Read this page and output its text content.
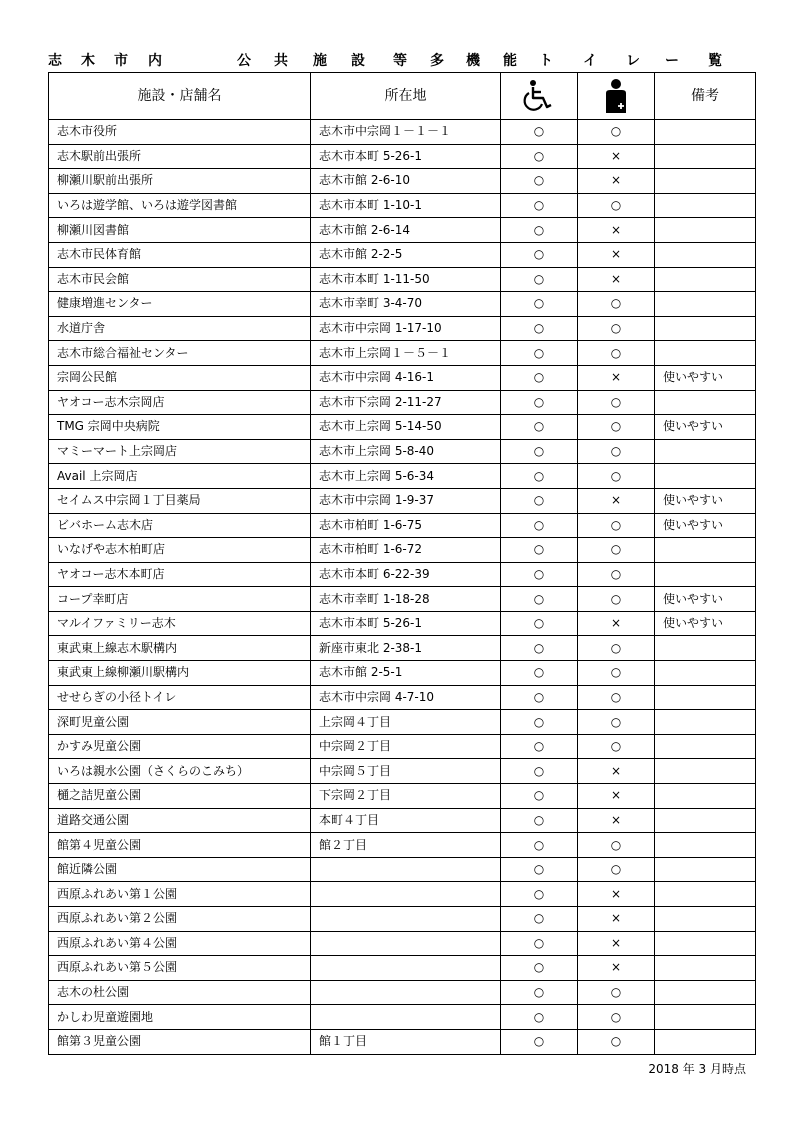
志 木 市 内	公 共 施 設 等 多 機 能 ト イ レ ー 覧
施設・店舗名	所在地			備考
志木市役所	志木市中宗岡１－１－１	○	○	
志木駅前出張所	志木市本町 5-26-1	○	×	
柳瀬川駅前出張所	志木市館 2-6-10	○	×	
いろは遊学館、いろは遊学図書館	志木市本町 1-10-1	○	○	
柳瀬川図書館	志木市館 2-6-14	○	×	
志木市民体育館	志木市館 2-2-5	○	×	
志木市民会館	志木市本町 1-11-50	○	×	
健康増進センター	志木市幸町 3-4-70	○	○	
水道庁舎	志木市中宗岡 1-17-10	○	○	
志木市総合福祉センター	志木市上宗岡１－５－１	○	○	
宗岡公民館	志木市中宗岡 4-16-1	○	×	使いやすい
ヤオコー志木宗岡店	志木市下宗岡 2-11-27	○	○	
TMG 宗岡中央病院	志木市上宗岡 5-14-50	○	○	使いやすい
マミーマート上宗岡店	志木市上宗岡 5-8-40	○	○	
Avail 上宗岡店	志木市上宗岡 5-6-34	○	○	
セイムス中宗岡１丁目薬局	志木市中宗岡 1-9-37	○	×	使いやすい
ビバホーム志木店	志木市柏町 1-6-75	○	○	使いやすい
いなげや志木柏町店	志木市柏町 1-6-72	○	○	
ヤオコー志木本町店	志木市本町 6-22-39	○	○	
コープ幸町店	志木市幸町 1-18-28	○	○	使いやすい
マルイファミリー志木	志木市本町 5-26-1	○	×	使いやすい
東武東上線志木駅構内	新座市東北 2-38-1	○	○	
東武東上線柳瀬川駅構内	志木市館 2-5-1	○	○	
せせらぎの小径トイレ	志木市中宗岡 4-7-10	○	○	
深町児童公園	上宗岡４丁目	○	○	
かすみ児童公園	中宗岡２丁目	○	○	
いろは親水公園（さくらのこみち）	中宗岡５丁目	○	×	
樋之詰児童公園	下宗岡２丁目	○	×	
道路交通公園	本町４丁目	○	×	
館第４児童公園	館２丁目	○	○	
館近隣公園		○	○	
西原ふれあい第１公園		○	×	
西原ふれあい第２公園		○	×	
西原ふれあい第４公園		○	×	
西原ふれあい第５公園		○	×	
志木の杜公園		○	○	
かしわ児童遊園地		○	○	
館第３児童公園	館１丁目	○	○	
2018 年 3 月時点
